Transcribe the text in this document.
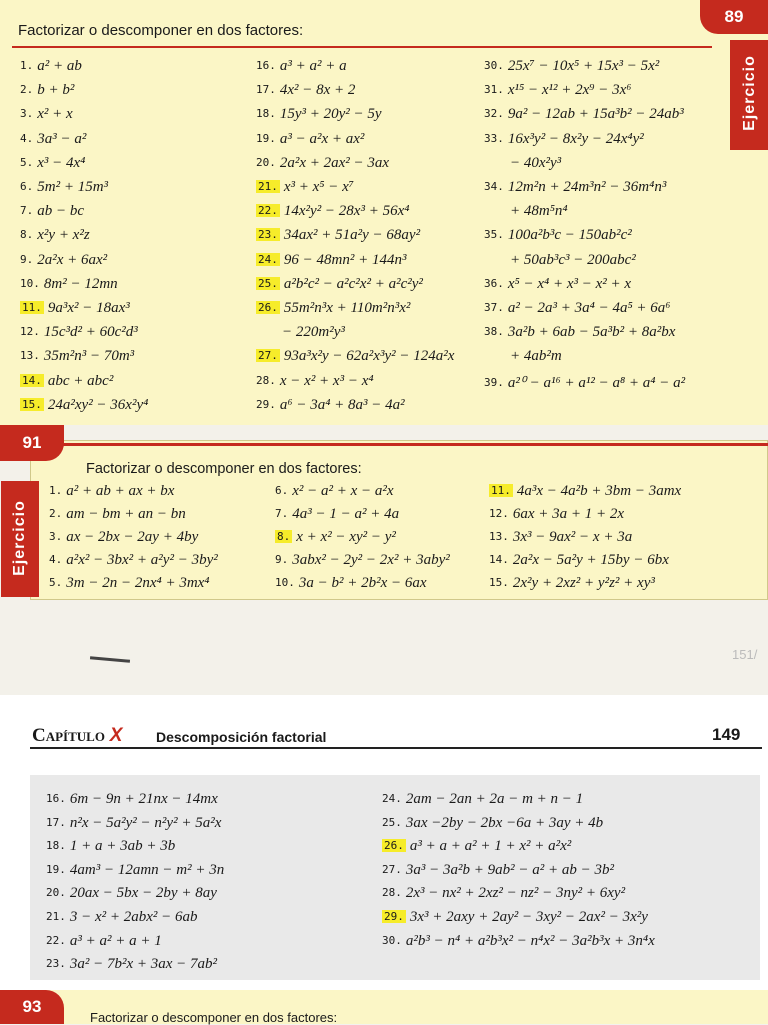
Factorizar o descomponer en dos factores:
89
Ejercicio
1. a² + ab
2. b + b²
3. x² + x
4. 3a³ − a²
5. x³ − 4x⁴
6. 5m² + 15m³
7. ab − bc
8. x²y + x²z
9. 2a²x + 6ax²
10. 8m² − 12mn
11. 9a³x² − 18ax³
12. 15c³d² + 60c²d³
13. 35m²n³ − 70m³
14. abc + abc²
15. 24a²xy² − 36x²y⁴
16. a³ + a² + a
17. 4x² − 8x + 2
18. 15y³ + 20y² − 5y
19. a³ − a²x + ax²
20. 2a²x + 2ax² − 3ax
21. x³ + x⁵ − x⁷
22. 14x²y² − 28x³ + 56x⁴
23. 34ax² + 51a²y − 68ay²
24. 96 − 48mn² + 144n³
25. a²b²c² − a²c²x² + a²c²y²
26. 55m²n³x + 110m²n³x²
− 220m²y³
27. 93a³x²y − 62a²x³y² − 124a²x
28. x − x² + x³ − x⁴
29. a⁶ − 3a⁴ + 8a³ − 4a²
30. 25x⁷ − 10x⁵ + 15x³ − 5x²
31. x¹⁵ − x¹² + 2x⁹ − 3x⁶
32. 9a² − 12ab + 15a³b² − 24ab³
33. 16x³y² − 8x²y − 24x⁴y²
− 40x²y³
34. 12m²n + 24m³n² − 36m⁴n³
+ 48m⁵n⁴
35. 100a²b³c − 150ab²c²
+ 50ab³c³ − 200abc²
36. x⁵ − x⁴ + x³ − x² + x
37. a² − 2a³ + 3a⁴ − 4a⁵ + 6a⁶
38. 3a²b + 6ab − 5a³b² + 8a²bx
+ 4ab²m
39. a²⁰ − a¹⁶ + a¹² − a⁸ + a⁴ − a²
151/
Factorizar o descomponer en dos factores:
Ejercicio
1. a² + ab + ax + bx
2. am − bm + an − bn
3. ax − 2bx − 2ay + 4by
4. a²x² − 3bx² + a²y² − 3by²
5. 3m − 2n − 2nx⁴ + 3mx⁴
6. x² − a² + x − a²x
7. 4a³ − 1 − a² + 4a
8. x + x² − xy² − y²
9. 3abx² − 2y² − 2x² + 3aby²
10. 3a − b² + 2b²x − 6ax
11. 4a³x − 4a²b + 3bm − 3amx
12. 6ax + 3a + 1 + 2x
13. 3x³ − 9ax² − x + 3a
14. 2a²x − 5a²y + 15by − 6bx
15. 2x²y + 2xz² + y²z² + xy³
91
Capítulo X Descomposición factorial	149
16. 6m − 9n + 21nx − 14mx
17. n²x − 5a²y² − n²y² + 5a²x
18. 1 + a + 3ab + 3b
19. 4am³ − 12amn − m² + 3n
20. 20ax − 5bx − 2by + 8ay
21. 3 − x² + 2abx² − 6ab
22. a³ + a² + a + 1
23. 3a² − 7b²x + 3ax − 7ab²
24. 2am − 2an + 2a − m + n − 1
25. 3ax −2by − 2bx −6a + 3ay + 4b
26. a³ + a + a² + 1 + x² + a²x²
27. 3a³ − 3a²b + 9ab² − a² + ab − 3b²
28. 2x³ − nx² + 2xz² − nz² − 3ny² + 6xy²
29. 3x³ + 2axy + 2ay² − 3xy² − 2ax² − 3x²y
30. a²b³ − n⁴ + a²b³x² − n⁴x² − 3a²b³x + 3n⁴x
93
Factorizar o descomponer en dos factores:
